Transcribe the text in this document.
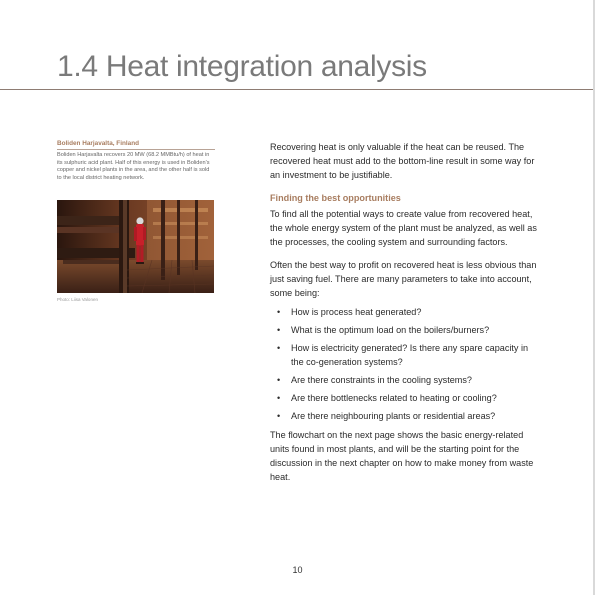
1.4 Heat integration analysis
Boliden Harjavalta, Finland
Boliden Harjavalta recovers 20 MW (68.2 MMBtu/h) of heat in its sulphuric acid plant. Half of this energy is used in Boliden's copper and nickel plants in the area, and the other half is sold to the local district heating network.
Photo: Liisa Valonen

Recovering heat is only valuable if the heat can be reused. The recovered heat must add to the bottom-line result in some way for an investment to be justifiable.

Finding the best opportunities

To find all the potential ways to create value from recovered heat, the whole energy system of the plant must be analyzed, as well as the processes, the cooling system and surrounding factors.

Often the best way to profit on recovered heat is less obvious than just saving fuel. There are many parameters to take into account, some being:

• How is process heat generated?
• What is the optimum load on the boilers/burners?
• How is electricity generated? Is there any spare capacity in the co-generation systems?
• Are there constraints in the cooling systems?
• Are there bottlenecks related to heating or cooling?
• Are there neighbouring plants or residential areas?

The flowchart on the next page shows the basic energy-related units found in most plants, and will be the starting point for the discussion in the next chapter on how to make money from waste heat.

10
